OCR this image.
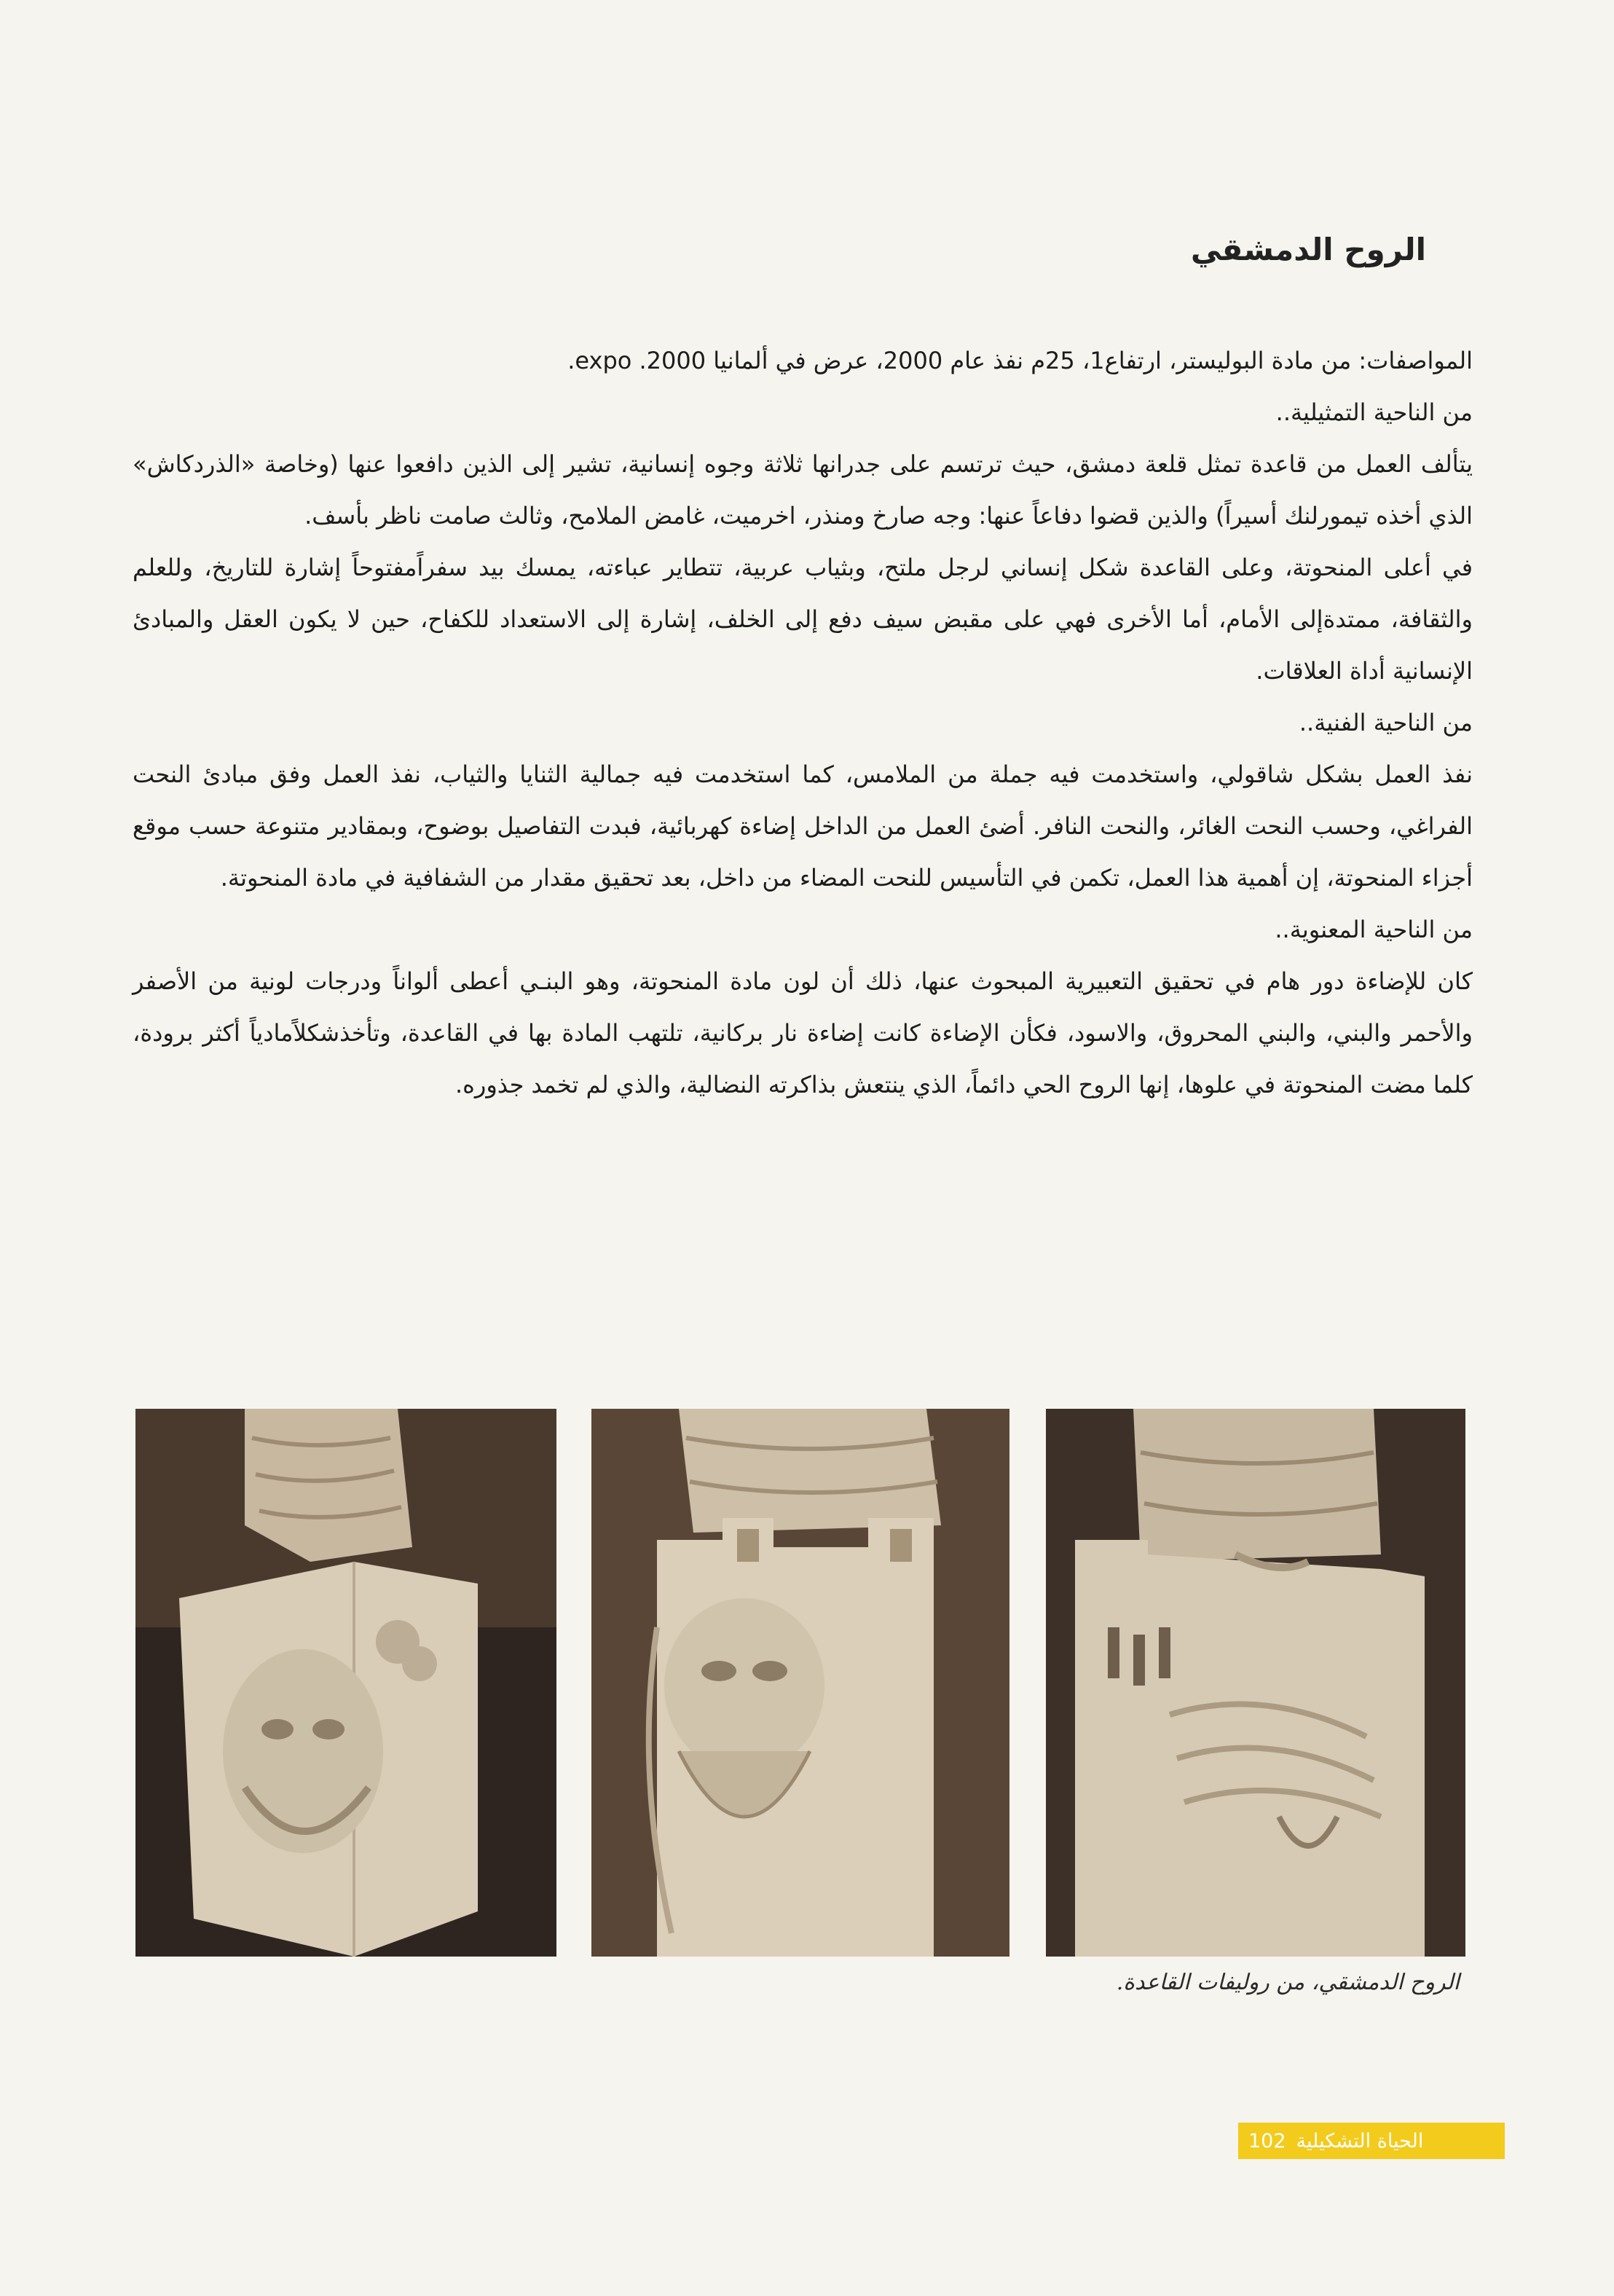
الروح الدمشقي

المواصفات: من مادة البوليستر، ارتفاع1، 25م نفذ عام 2000، عرض في ألمانيا 2000. expo.

من الناحية التمثيلية..

يتألف العمل من قاعدة تمثل قلعة دمشق، حيث ترتسم على جدرانها ثلاثة وجوه إنسانية، تشير إلى الذين دافعوا عنها (وخاصة «الذردكاش» الذي أخذه تيمورلنك أسيراً) والذين قضوا دفاعاً عنها: وجه صارخ ومنذر، اخرميت، غامض الملامح، وثالث صامت ناظر بأسف.

في أعلى المنحوتة، وعلى القاعدة شكل إنساني لرجل ملتح، وبثياب عربية، تتطاير عباءته، يمسك بيد سفراًمفتوحاً إشارة للتاريخ، وللعلم والثقافة، ممتدةإلى الأمام، أما الأخرى فهي على مقبض سيف دفع إلى الخلف، إشارة إلى الاستعداد للكفاح، حين لا يكون العقل والمبادئ الإنسانية أداة العلاقات.

من الناحية الفنية..

نفذ العمل بشكل شاقولي، واستخدمت فيه جملة من الملامس، كما استخدمت فيه جمالية الثنايا والثياب، نفذ العمل وفق مبادئ النحت الفراغي، وحسب النحت الغائر، والنحت النافر. أضئ العمل من الداخل إضاءة كهربائية، فبدت التفاصيل بوضوح، وبمقادير متنوعة حسب موقع أجزاء المنحوتة، إن أهمية هذا العمل، تكمن في التأسيس للنحت المضاء من داخل، بعد تحقيق مقدار من الشفافية في مادة المنحوتة.

من الناحية المعنوية..

كان للإضاءة دور هام في تحقيق التعبيرية المبحوث عنها، ذلك أن لون مادة المنحوتة، وهو البنـي أعطى ألواناً ودرجات لونية من الأصفر والأحمر والبني، والبني المحروق، والاسود، فكأن الإضاءة كانت إضاءة نار بركانية، تلتهب المادة بها في القاعدة، وتأخذشكلاًمادياً أكثر برودة، كلما مضت المنحوتة في علوها، إنها الروح الحي دائماً، الذي ينتعش بذاكرته النضالية، والذي لم تخمد جذوره.

الروح الدمشقي، من روليفات القاعدة.
الحياة التشكيلية
102
